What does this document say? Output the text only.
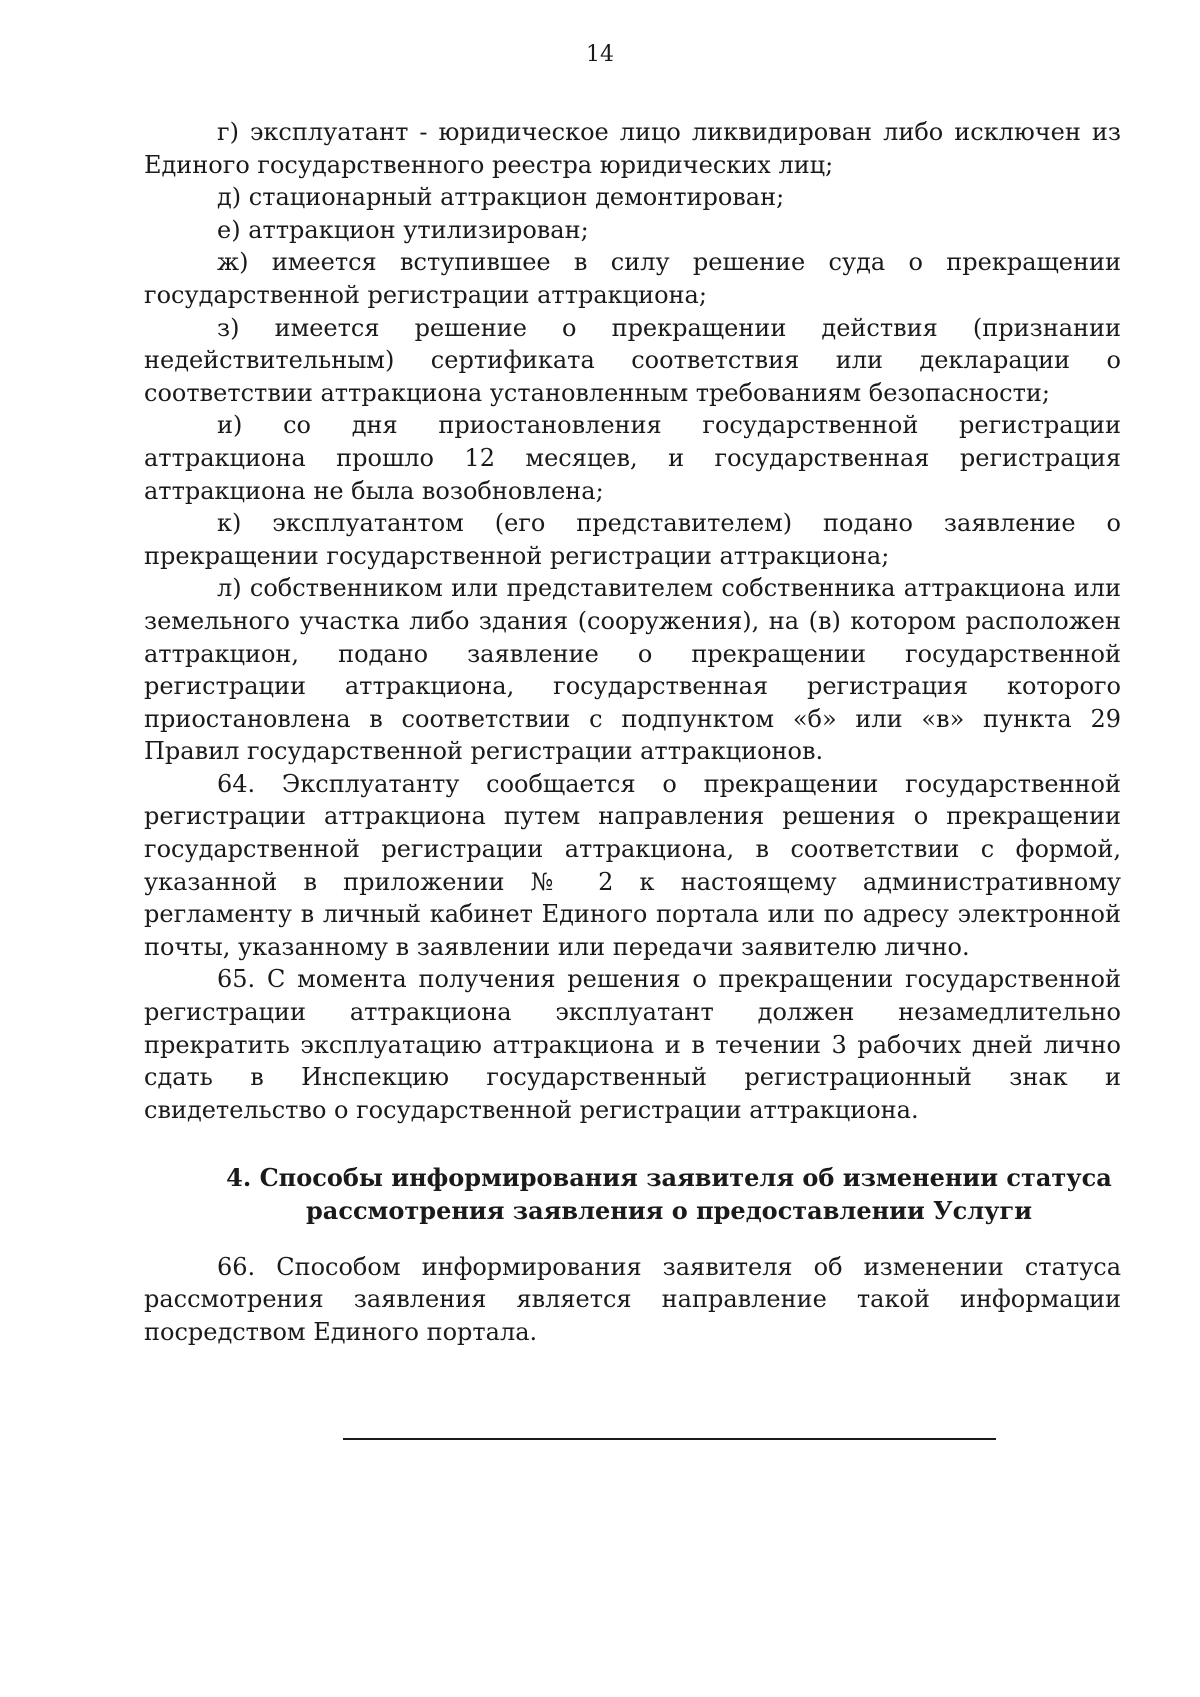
14

г) эксплуатант - юридическое лицо ликвидирован либо исключен из Единого государственного реестра юридических лиц;

д) стационарный аттракцион демонтирован;

е) аттракцион утилизирован;

ж) имеется вступившее в силу решение суда о прекращении государственной регистрации аттракциона;

з) имеется решение о прекращении действия (признании недействительным) сертификата соответствия или декларации о соответствии аттракциона установленным требованиям безопасности;

и) со дня приостановления государственной регистрации аттракциона прошло 12 месяцев, и государственная регистрация аттракциона не была возобновлена;

к) эксплуатантом (его представителем) подано заявление о прекращении государственной регистрации аттракциона;

л) собственником или представителем собственника аттракциона или земельного участка либо здания (сооружения), на (в) котором расположен аттракцион, подано заявление о прекращении государственной регистрации аттракциона, государственная регистрация которого приостановлена в соответствии с подпунктом «б» или «в» пункта 29 Правил государственной регистрации аттракционов.

64. Эксплуатанту сообщается о прекращении государственной регистрации аттракциона путем направления решения о прекращении государственной регистрации аттракциона, в соответствии с формой, указанной в приложении № 2 к настоящему административному регламенту в личный кабинет Единого портала или по адресу электронной почты, указанному в заявлении или передачи заявителю лично.

65. С момента получения решения о прекращении государственной регистрации аттракциона эксплуатант должен незамедлительно прекратить эксплуатацию аттракциона и в течении 3 рабочих дней лично сдать в Инспекцию государственный регистрационный знак и свидетельство о государственной регистрации аттракциона.

4. Способы информирования заявителя об изменении статуса
рассмотрения заявления о предоставлении Услуги

66. Способом информирования заявителя об изменении статуса рассмотрения заявления является направление такой информации посредством Единого портала.
